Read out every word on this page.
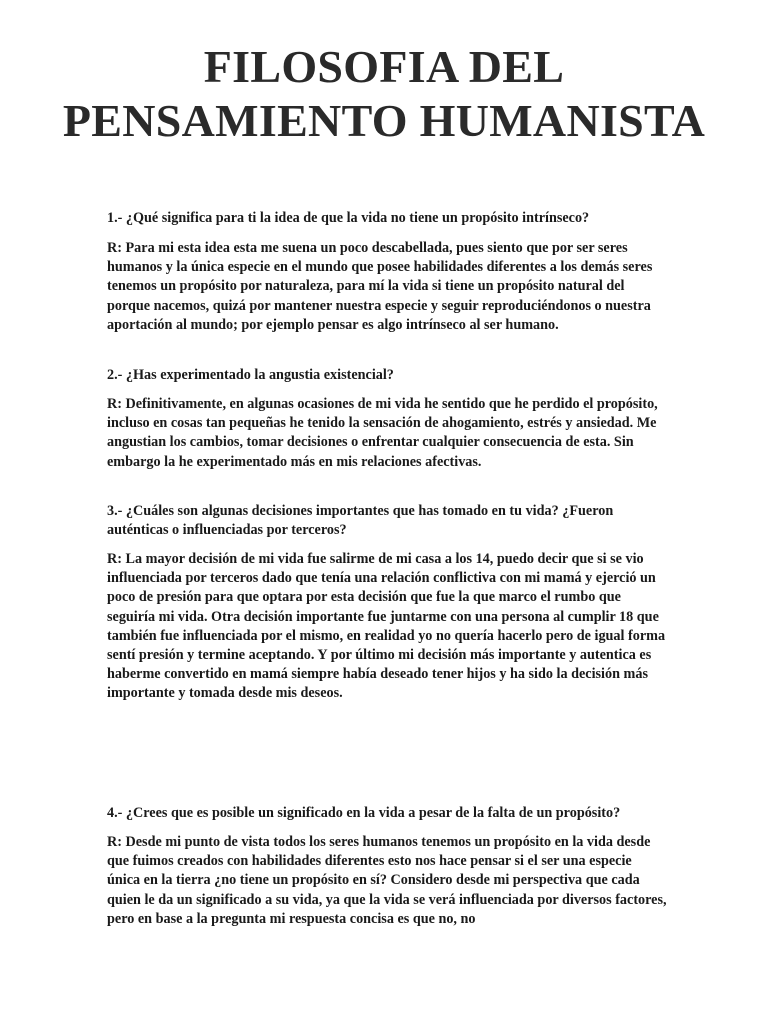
FILOSOFIA DEL
PENSAMIENTO HUMANISTA

1.- ¿Qué significa para ti la idea de que la vida no tiene un propósito intrínseco?

R: Para mi esta idea esta me suena un poco descabellada, pues siento que por ser seres humanos y la única especie en el mundo que posee habilidades diferentes a los demás seres tenemos un propósito por naturaleza, para mí la vida si tiene un propósito natural del porque nacemos, quizá por mantener nuestra especie y seguir reproduciéndonos o nuestra aportación al mundo; por ejemplo pensar es algo intrínseco al ser humano.

2.- ¿Has experimentado la angustia existencial?

R: Definitivamente, en algunas ocasiones de mi vida he sentido que he perdido el propósito, incluso en cosas tan pequeñas he tenido la sensación de ahogamiento, estrés y ansiedad. Me angustian los cambios, tomar decisiones o enfrentar cualquier consecuencia de esta. Sin embargo la he experimentado más en mis relaciones afectivas.

3.- ¿Cuáles son algunas decisiones importantes que has tomado en tu vida? ¿Fueron auténticas o influenciadas por terceros?

R: La mayor decisión de mi vida fue salirme de mi casa a los 14, puedo decir que si se vio influenciada por terceros dado que tenía una relación conflictiva con mi mamá y ejerció un poco de presión para que optara por esta decisión que fue la que marco el rumbo que seguiría mi vida. Otra decisión importante fue juntarme con una persona al cumplir 18 que también fue influenciada por el mismo, en realidad yo no quería hacerlo pero de igual forma sentí presión y termine aceptando. Y por último mi decisión más importante y autentica es haberme convertido en mamá siempre había deseado tener hijos y ha sido la decisión más importante y tomada desde mis deseos.

4.- ¿Crees que es posible un significado en la vida a pesar de la falta de un propósito?

R: Desde mi punto de vista todos los seres humanos tenemos un propósito en la vida desde que fuimos creados con habilidades diferentes esto nos hace pensar si el ser una especie única en la tierra ¿no tiene un propósito en sí? Considero desde mi perspectiva que cada quien le da un significado a su vida, ya que la vida se verá influenciada por diversos factores, pero en base a la pregunta mi respuesta concisa es que no, no
